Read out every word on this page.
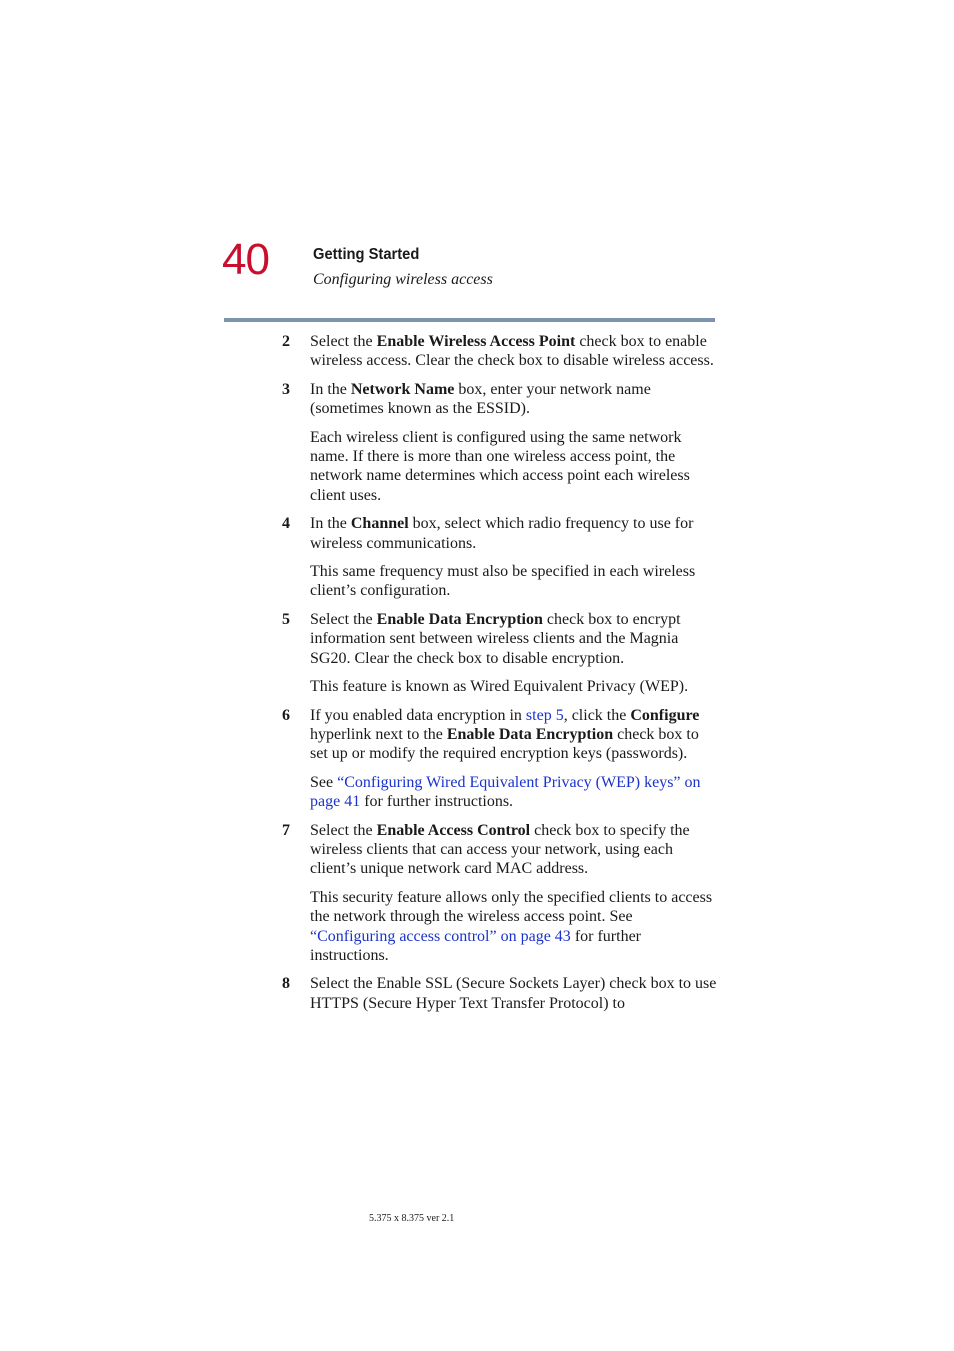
40	Getting Started
Configuring wireless access
2 Select the Enable Wireless Access Point check box to enable wireless access. Clear the check box to disable wireless access.

3 In the Network Name box, enter your network name (sometimes known as the ESSID).

Each wireless client is configured using the same network name. If there is more than one wireless access point, the network name determines which access point each wireless client uses.

4 In the Channel box, select which radio frequency to use for wireless communications.

This same frequency must also be specified in each wireless client’s configuration.

5 Select the Enable Data Encryption check box to encrypt information sent between wireless clients and the Magnia SG20. Clear the check box to disable encryption.

This feature is known as Wired Equivalent Privacy (WEP).

6 If you enabled data encryption in step 5, click the Configure hyperlink next to the Enable Data Encryption check box to set up or modify the required encryption keys (passwords).

See “Configuring Wired Equivalent Privacy (WEP) keys” on page 41 for further instructions.

7 Select the Enable Access Control check box to specify the wireless clients that can access your network, using each client’s unique network card MAC address.

This security feature allows only the specified clients to access the network through the wireless access point. See “Configuring access control” on page 43 for further instructions.

8 Select the Enable SSL (Secure Sockets Layer) check box to use HTTPS (Secure Hyper Text Transfer Protocol) to

5.375 x 8.375 ver 2.1
